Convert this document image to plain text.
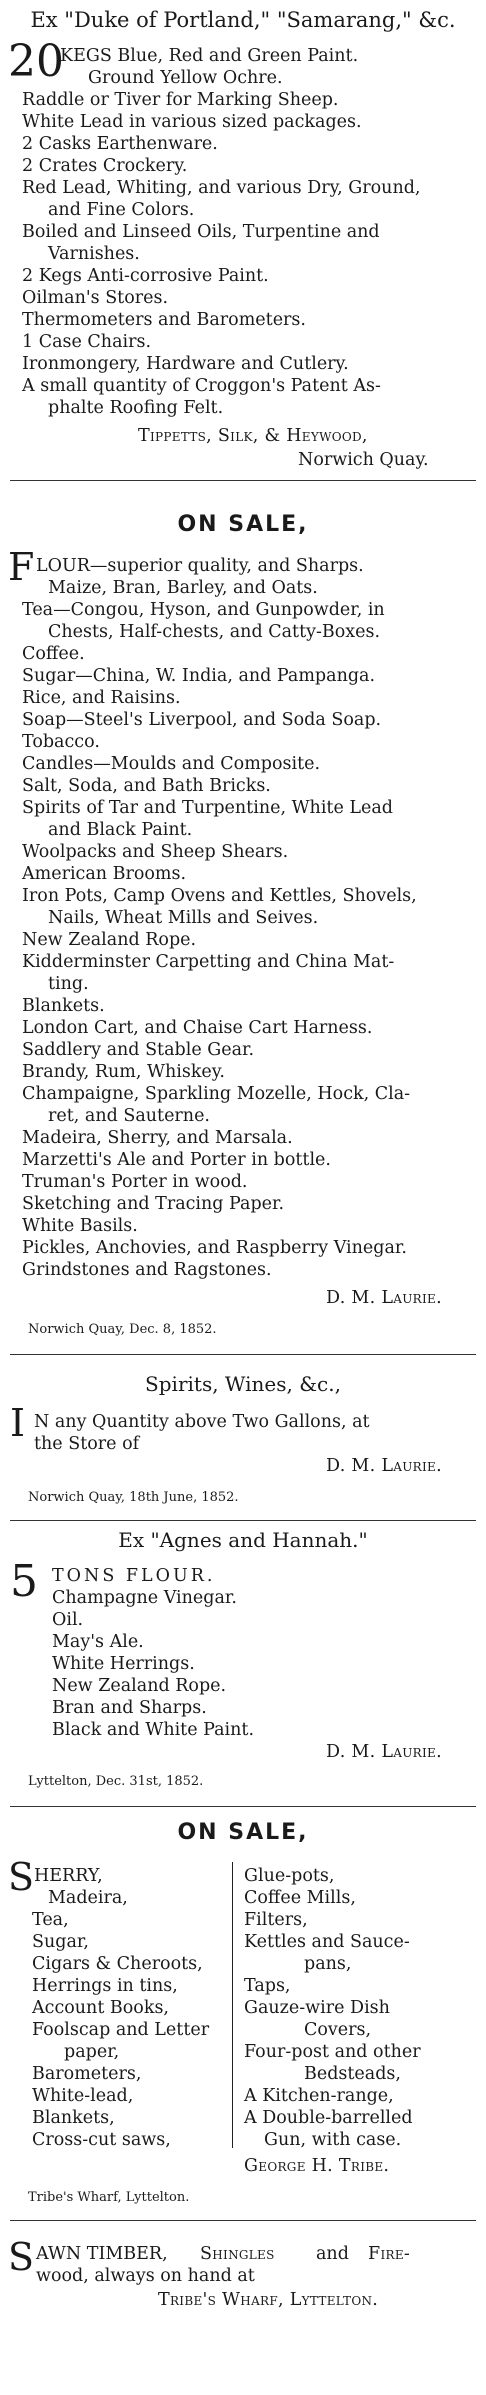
Ex "Duke of Portland," "Samarang," &c.
20
KEGS Blue, Red and Green Paint.
Ground Yellow Ochre.
Raddle or Tiver for Marking Sheep.
White Lead in various sized packages.
2 Casks Earthenware.
2 Crates Crockery.
Red Lead, Whiting, and various Dry, Ground,
and Fine Colors.
Boiled and Linseed Oils, Turpentine and
Varnishes.
2 Kegs Anti-corrosive Paint.
Oilman's Stores.
Thermometers and Barometers.
1 Case Chairs.
Ironmongery, Hardware and Cutlery.
A small quantity of Croggon's Patent As-
phalte Roofing Felt.
Tippetts, Silk, & Heywood,
Norwich Quay.
ON SALE,
F LOUR—superior quality, and Sharps.
Maize, Bran, Barley, and Oats.
Tea—Congou, Hyson, and Gunpowder, in
Chests, Half-chests, and Catty-Boxes.
Coffee.
Sugar—China, W. India, and Pampanga.
Rice, and Raisins.
Soap—Steel's Liverpool, and Soda Soap.
Tobacco.
Candles—Moulds and Composite.
Salt, Soda, and Bath Bricks.
Spirits of Tar and Turpentine, White Lead
and Black Paint.
Woolpacks and Sheep Shears.
American Brooms.
Iron Pots, Camp Ovens and Kettles, Shovels,
Nails, Wheat Mills and Seives.
New Zealand Rope.
Kidderminster Carpetting and China Mat-
ting.
Blankets.
London Cart, and Chaise Cart Harness.
Saddlery and Stable Gear.
Brandy, Rum, Whiskey.
Champaigne, Sparkling Mozelle, Hock, Cla-
ret, and Sauterne.
Madeira, Sherry, and Marsala.
Marzetti's Ale and Porter in bottle.
Truman's Porter in wood.
Sketching and Tracing Paper.
White Basils.
Pickles, Anchovies, and Raspberry Vinegar.
Grindstones and Ragstones.
D. M. Laurie.
Norwich Quay, Dec. 8, 1852.
Spirits, Wines, &c.,
I N any Quantity above Two Gallons, at
the Store of
D. M. Laurie.
Norwich Quay, 18th June, 1852.
Ex "Agnes and Hannah."
5 TONS FLOUR.
Champagne Vinegar.
Oil.
May's Ale.
White Herrings.
New Zealand Rope.
Bran and Sharps.
Black and White Paint.
D. M. Laurie.
Lyttelton, Dec. 31st, 1852.
ON SALE,
S HERRY,
Madeira,
Tea,
Sugar,
Cigars & Cheroots,
Herrings in tins,
Account Books,
Foolscap and Letter
paper,
Barometers,
White-lead,
Blankets,
Cross-cut saws,
Glue-pots,
Coffee Mills,
Filters,
Kettles and Sauce-
pans,
Taps,
Gauze-wire Dish
Covers,
Four-post and other
Bedsteads,
A Kitchen-range,
A Double-barrelled
Gun, with case.
George H. Tribe.
Tribe's Wharf, Lyttelton.
S AWN TIMBER, Shingles and Fire-
wood, always on hand at
Tribe's Wharf, Lyttelton.
